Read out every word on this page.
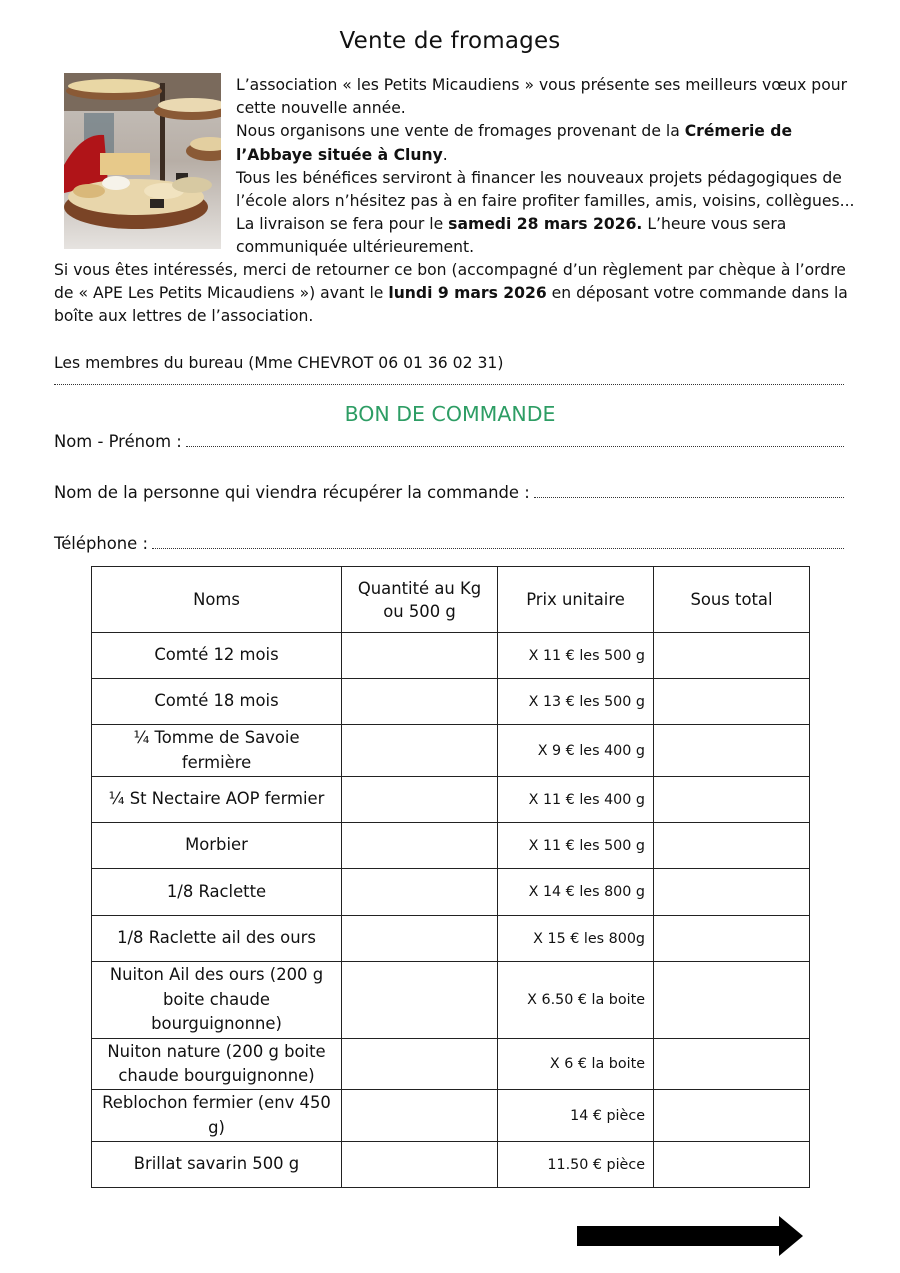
Vente de fromages

L’association « les Petits Micaudiens » vous présente ses meilleurs vœux pour cette nouvelle année.

Nous organisons une vente de fromages provenant de la Crémerie de l’Abbaye située à Cluny.

Tous les bénéfices serviront à financer les nouveaux projets pédagogiques de l’école alors n’hésitez pas à en faire profiter familles, amis, voisins, collègues...

La livraison se fera pour le samedi 28 mars 2026. L’heure vous sera communiquée ultérieurement.

Si vous êtes intéressés, merci de retourner ce bon (accompagné d’un règlement par chèque à l’ordre de « APE Les Petits Micaudiens ») avant le lundi 9 mars 2026 en déposant votre commande dans la boîte aux lettres de l’association.

Les membres du bureau (Mme CHEVROT 06 01 36 02 31)
BON DE COMMANDE
Nom - Prénom :
Nom de la personne qui viendra récupérer la commande :
Téléphone :
Noms	Quantité au Kg ou 500 g	Prix unitaire	Sous total
Comté 12 mois		X 11 € les 500 g	
Comté 18 mois		X 13 € les 500 g	
¼ Tomme de Savoie fermière		X 9 € les 400 g	
¼ St Nectaire AOP fermier		X 11 € les 400 g	
Morbier		X 11 € les 500 g	
1/8 Raclette		X 14 € les 800 g	
1/8 Raclette ail des ours		X 15 € les 800g	
Nuiton Ail des ours (200 g boite chaude bourguignonne)		X 6.50 € la boite	
Nuiton nature (200 g boite chaude bourguignonne)		X 6 € la boite	
Reblochon fermier (env 450 g)		14 € pièce	
Brillat savarin 500 g		11.50 € pièce	
